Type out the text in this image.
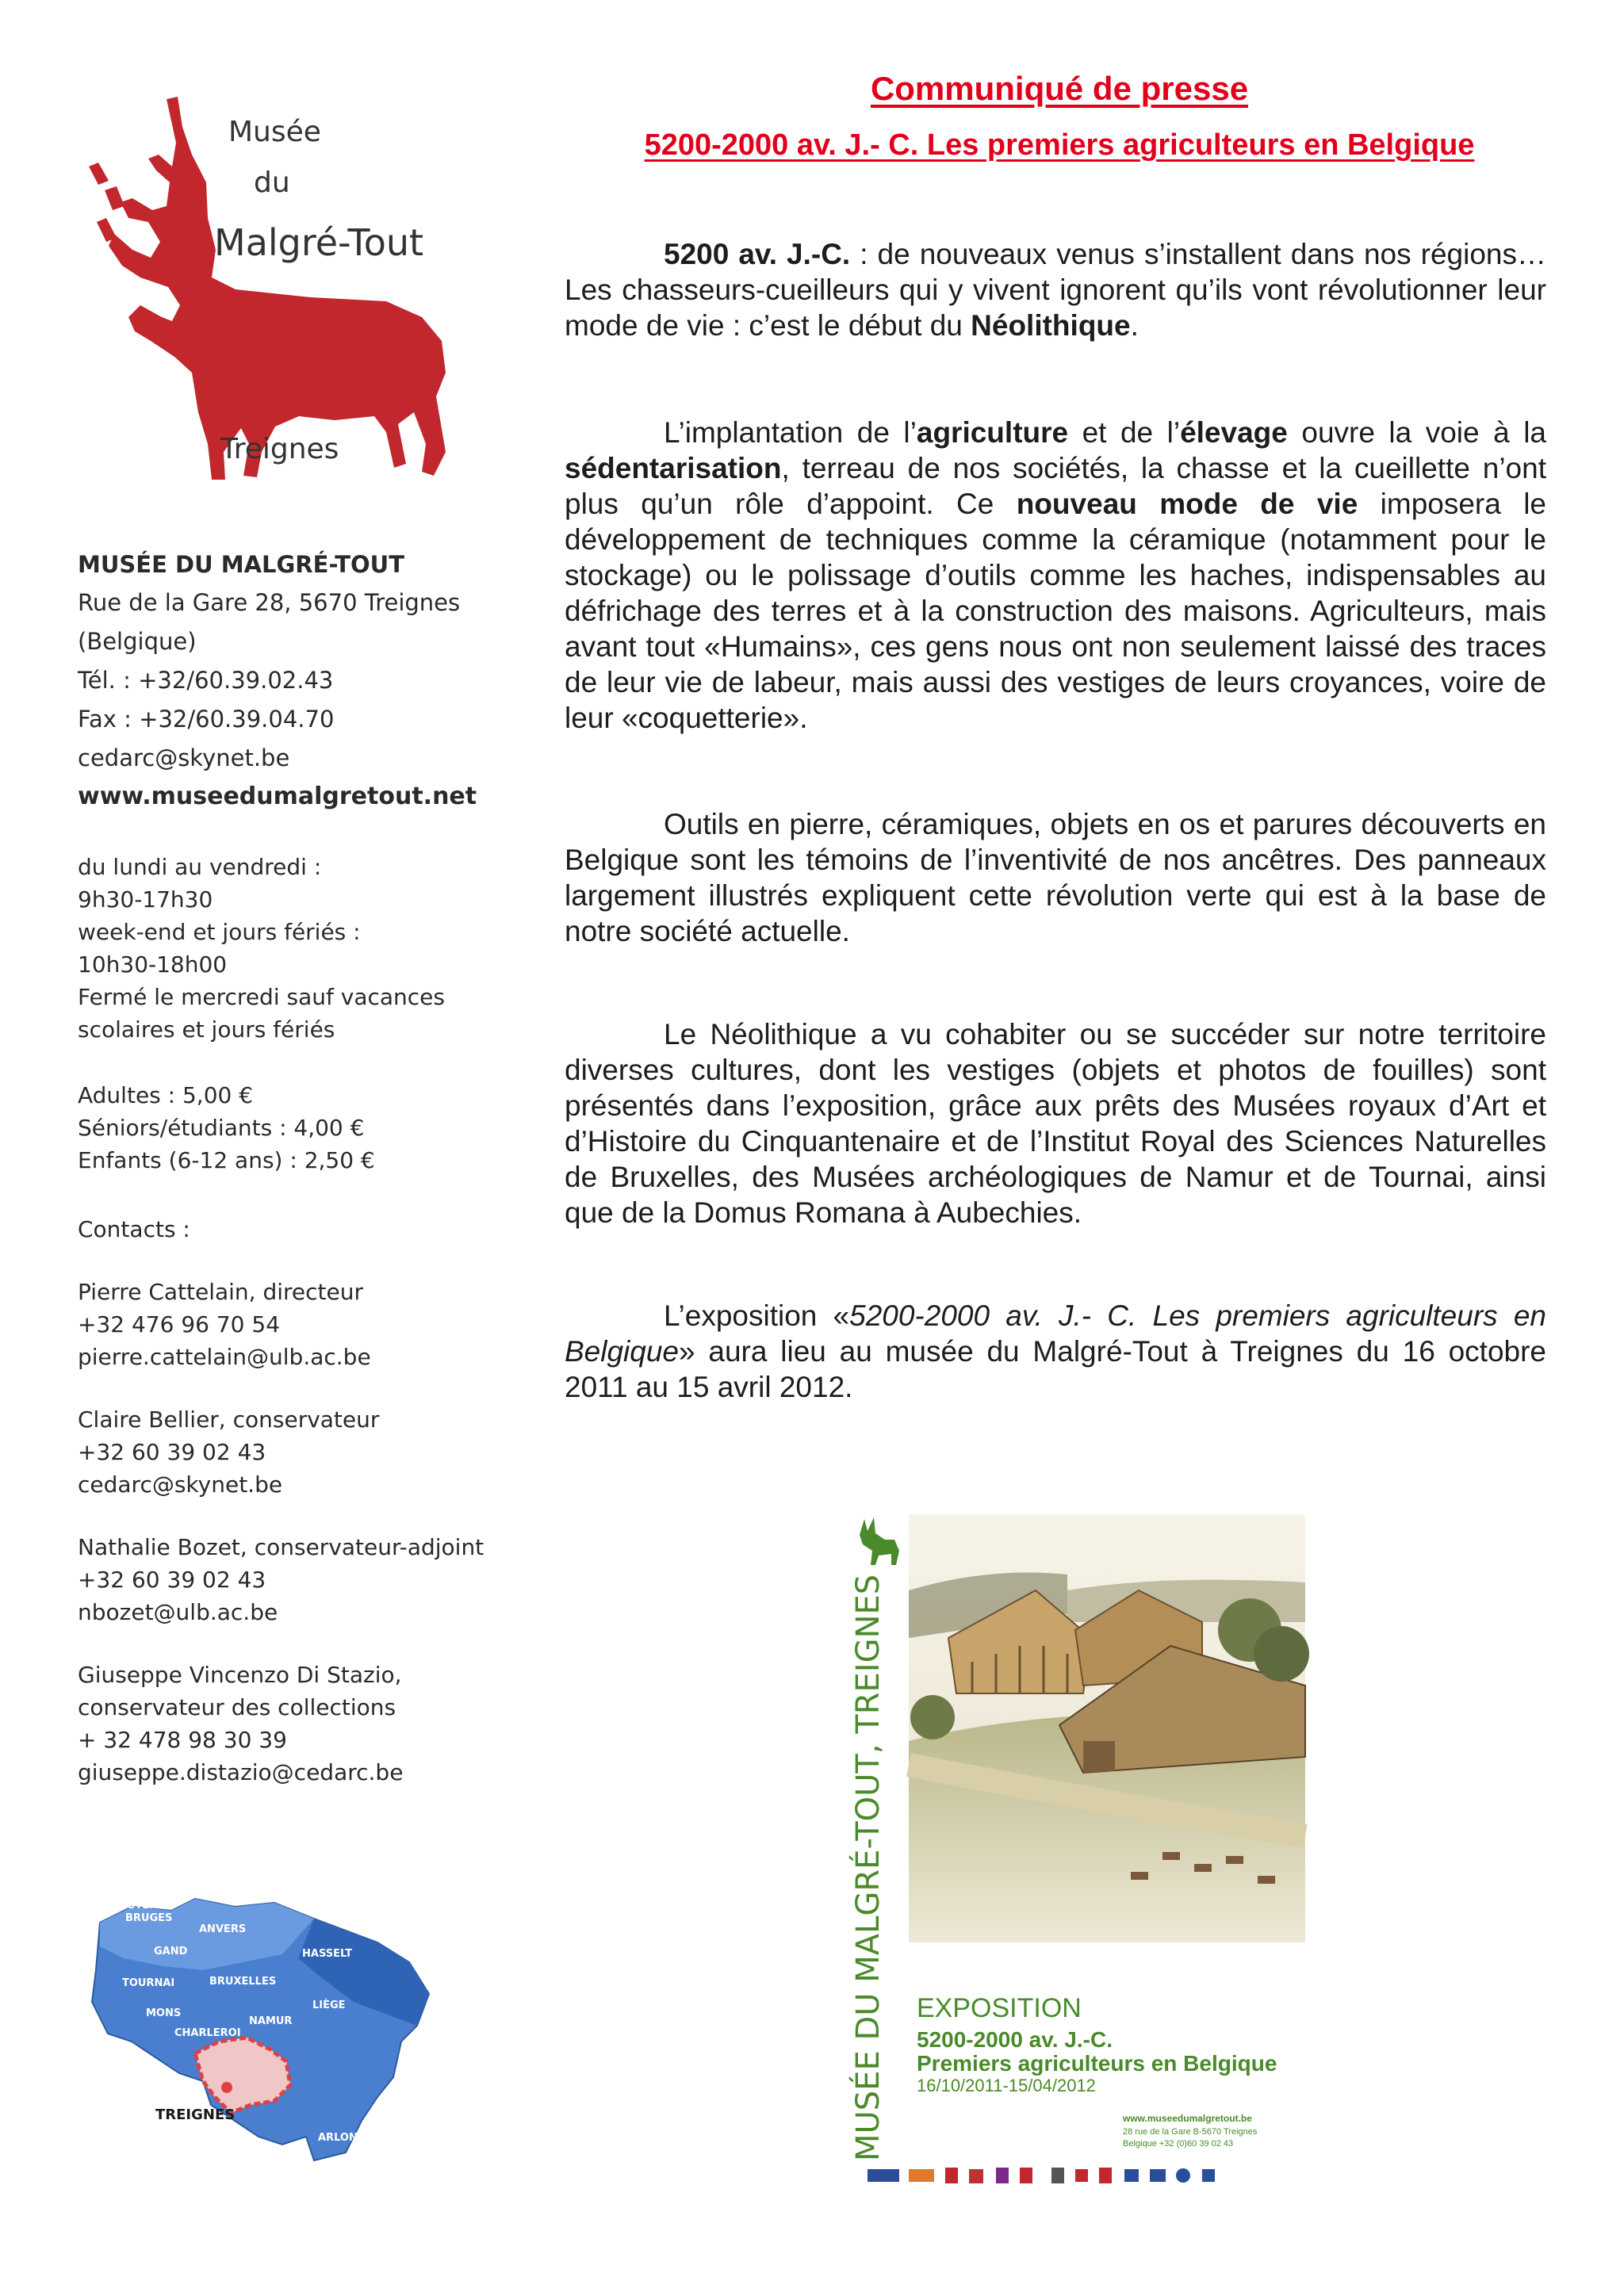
Musée
du
Malgré-Tout
Treignes
MUSÉE DU MALGRÉ-TOUT
Rue de la Gare 28, 5670 Treignes
(Belgique)
Tél. : +32/60.39.02.43
Fax : +32/60.39.04.70
cedarc@skynet.be
www.museedumalgretout.net
du lundi au vendredi :
9h30-17h30
week-end et jours fériés :
10h30-18h00
Fermé le mercredi sauf vacances
scolaires et jours fériés
Adultes : 5,00 €
Séniors/étudiants : 4,00 €
Enfants (6-12 ans) : 2,50 €
Contacts :
Pierre Cattelain, directeur
+32 476 96 70 54
pierre.cattelain@ulb.ac.be
Claire Bellier, conservateur
+32 60 39 02 43
cedarc@skynet.be
Nathalie Bozet, conservateur-adjoint
+32 60 39 02 43
nbozet@ulb.ac.be
Giuseppe Vincenzo Di Stazio,
conservateur des collections
+ 32 478 98 30 39
giuseppe.distazio@cedarc.be
OSTENDE
BRUGES
ANVERS
GAND	HASSELT
TOURNAI	BRUXELLES
LIÈGE
MONS
NAMUR
CHARLEROI
TREIGNES
ARLON
Communiqué de presse
5200-2000 av. J.- C. Les premiers agriculteurs en Belgique

5200 av. J.-C. : de nouveaux venus s’installent dans nos régions… Les chasseurs-cueilleurs qui y vivent ignorent qu’ils vont révolutionner leur mode de vie : c’est le début du Néolithique.

L’implantation de l’agriculture et de l’élevage ouvre la voie à la sédentarisation, terreau de nos sociétés, la chasse et la cueillette n’ont plus qu’un rôle d’appoint. Ce nouveau mode de vie imposera le développement de techniques comme la céramique (notamment pour le stockage) ou le polissage d’outils comme les haches, indispensables au défrichage des terres et à la construction des maisons. Agriculteurs, mais avant tout «Humains», ces gens nous ont non seulement laissé des traces de leur vie de labeur, mais aussi des vestiges de leurs croyances, voire de leur «coquetterie».

Outils en pierre, céramiques, objets en os et parures découverts en Belgique sont les témoins de l’inventivité de nos ancêtres. Des panneaux largement illustrés expliquent cette révolution verte qui est à la base de notre société actuelle.

Le Néolithique a vu cohabiter ou se succéder sur notre territoire diverses cultures, dont les vestiges (objets et photos de fouilles) sont présentés dans l’exposition, grâce aux prêts des Musées royaux d’Art et d’Histoire du Cinquantenaire et de l’Institut Royal des Sciences Naturelles de Bruxelles, des Musées archéologiques de Namur et de Tournai, ainsi que de la Domus Romana à Aubechies.

L’exposition «5200-2000 av. J.- C. Les premiers agriculteurs en Belgique» aura lieu au musée du Malgré-Tout à Treignes du 16 octobre 2011 au 15 avril 2012.

MUSÉE DU MALGRÉ-TOUT, TREIGNES EXPOSITION
5200-2000 av. J.-C.
Premiers agriculteurs en Belgique
16/10/2011-15/04/2012
www.museedumalgretout.be
28 rue de la Gare B-5670 Treignes
Belgique +32 (0)60 39 02 43
